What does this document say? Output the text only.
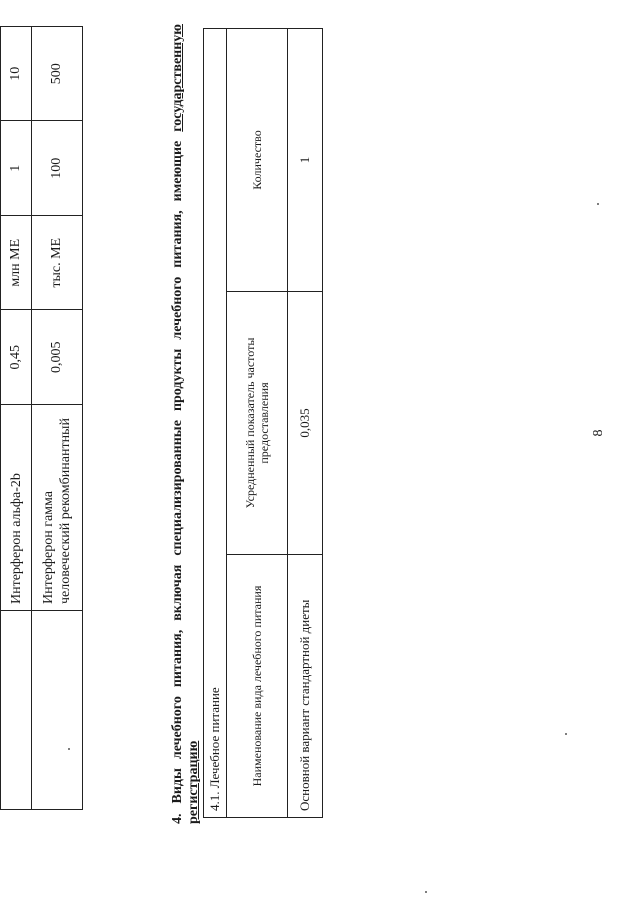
8
	Интерферон альфа-2b	0,45	млн МЕ	1	10
	Интерферон гамма человеческий рекомбинантный	0,005	тыс. МЕ	100	500
4.Виды лечебного питания, включая специализированные продукты лечебного питания, имеющие государственную регистрацию 4.1. Лечебное питание		
Наименование вида лечебного питания	Усредненный показатель частоты предоставления	Количество
Основной вариант стандартной диеты	0,035	1
